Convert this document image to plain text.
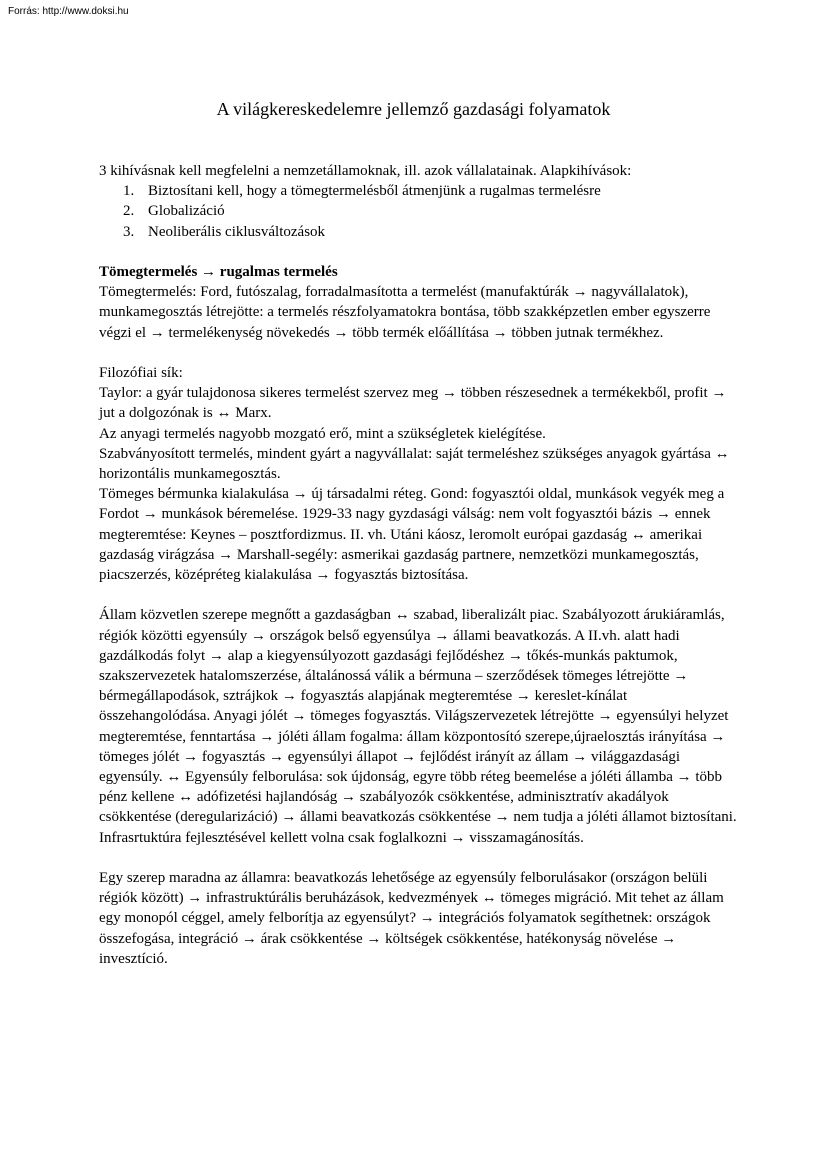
Forrás: http://www.doksi.hu
A világkereskedelemre jellemző gazdasági folyamatok

3 kihívásnak kell megfelelni a nemzetállamoknak, ill. azok vállalatainak. Alapkihívások:

1. Biztosítani kell, hogy a tömegtermelésből átmenjünk a rugalmas termelésre
2. Globalizáció
3. Neoliberális ciklusváltozások

Tömegtermelés → rugalmas termelés

Tömegtermelés: Ford, futószalag, forradalmasította a termelést (manufaktúrák → nagyvállalatok), munkamegosztás létrejötte: a termelés részfolyamatokra bontása, több szakképzetlen ember egyszerre végzi el → termelékenység növekedés → több termék előállítása → többen jutnak termékhez.

Filozófiai sík:

Taylor: a gyár tulajdonosa sikeres termelést szervez meg → többen részesednek a termékekből, profit → jut a dolgozónak is ↔ Marx.

Az anyagi termelés nagyobb mozgató erő, mint a szükségletek kielégítése.

Szabványosított termelés, mindent gyárt a nagyvállalat: saját termeléshez szükséges anyagok gyártása ↔ horizontális munkamegosztás.

Tömeges bérmunka kialakulása → új társadalmi réteg. Gond: fogyasztói oldal, munkások vegyék meg a Fordot → munkások béremelése. 1929-33 nagy gyzdasági válság: nem volt fogyasztói bázis → ennek megteremtése: Keynes – posztfordizmus. II. vh. Utáni káosz, leromolt európai gazdaság ↔ amerikai gazdaság virágzása → Marshall-segély: asmerikai gazdaság partnere, nemzetközi munkamegosztás, piacszerzés, középréteg kialakulása → fogyasztás biztosítása.

Állam közvetlen szerepe megnőtt a gazdaságban ↔ szabad, liberalizált piac. Szabályozott árukiáramlás, régiók közötti egyensúly → országok belső egyensúlya → állami beavatkozás. A II.vh. alatt hadi gazdálkodás folyt → alap a kiegyensúlyozott gazdasági fejlődéshez → tőkés-munkás paktumok, szakszervezetek hatalomszerzése, általánossá válik a bérmuna – szerződések tömeges létrejötte → bérmegállapodások, sztrájkok → fogyasztás alapjának megteremtése → kereslet-kínálat összehangolódása. Anyagi jólét → tömeges fogyasztás. Világszervezetek létrejötte → egyensúlyi helyzet megteremtése, fenntartása → jóléti állam fogalma: állam központosító szerepe,újraelosztás irányítása → tömeges jólét → fogyasztás → egyensúlyi állapot → fejlődést irányít az állam → világgazdasági egyensúly. ↔ Egyensúly felborulása: sok újdonság, egyre több réteg beemelése a jóléti államba → több pénz kellene ↔ adófizetési hajlandóság → szabályozók csökkentése, adminisztratív akadályok csökkentése (deregularizáció) → állami beavatkozás csökkentése → nem tudja a jóléti államot biztosítani. Infrasrtuktúra fejlesztésével kellett volna csak foglalkozni → visszamagánosítás.

Egy szerep maradna az államra: beavatkozás lehetősége az egyensúly felborulásakor (országon belüli régiók között) → infrastruktúrális beruházások, kedvezmények ↔ tömeges migráció. Mit tehet az állam egy monopól céggel, amely felborítja az egyensúlyt? → integrációs folyamatok segíthetnek: országok összefogása, integráció → árak csökkentése → költségek csökkentése, hatékonyság növelése → invesztíció.
